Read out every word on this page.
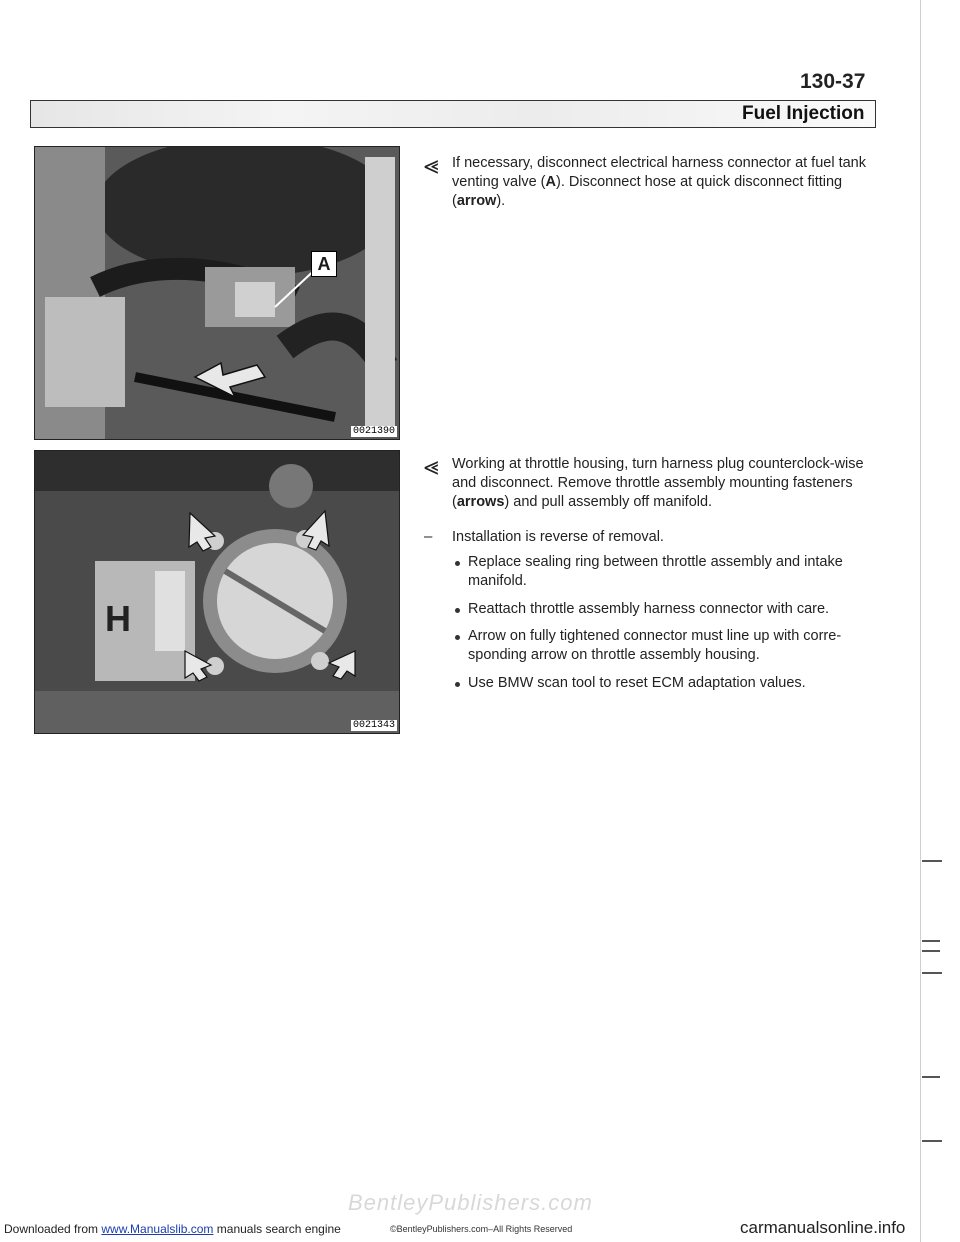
130-37
Fuel Injection
A
0021390
H
0021343
⪡ If necessary, disconnect electrical harness connector at fuel tank venting valve (A). Disconnect hose at quick disconnect fitting (arrow).
⪡ Working at throttle housing, turn harness plug counterclock-wise and disconnect. Remove throttle assembly mounting fasteners (arrows) and pull assembly off manifold.
– Installation is reverse of removal.
Replace sealing ring between throttle assembly and intake manifold.
Reattach throttle assembly harness connector with care.
Arrow on fully tightened connector must line up with corre-sponding arrow on throttle assembly housing.
Use BMW scan tool to reset ECM adaptation values.
BentleyPublishers.com
Downloaded from www.Manualslib.com manuals search engine	©BentleyPublishers.com–All Rights Reserved	carmanualsonline.info
